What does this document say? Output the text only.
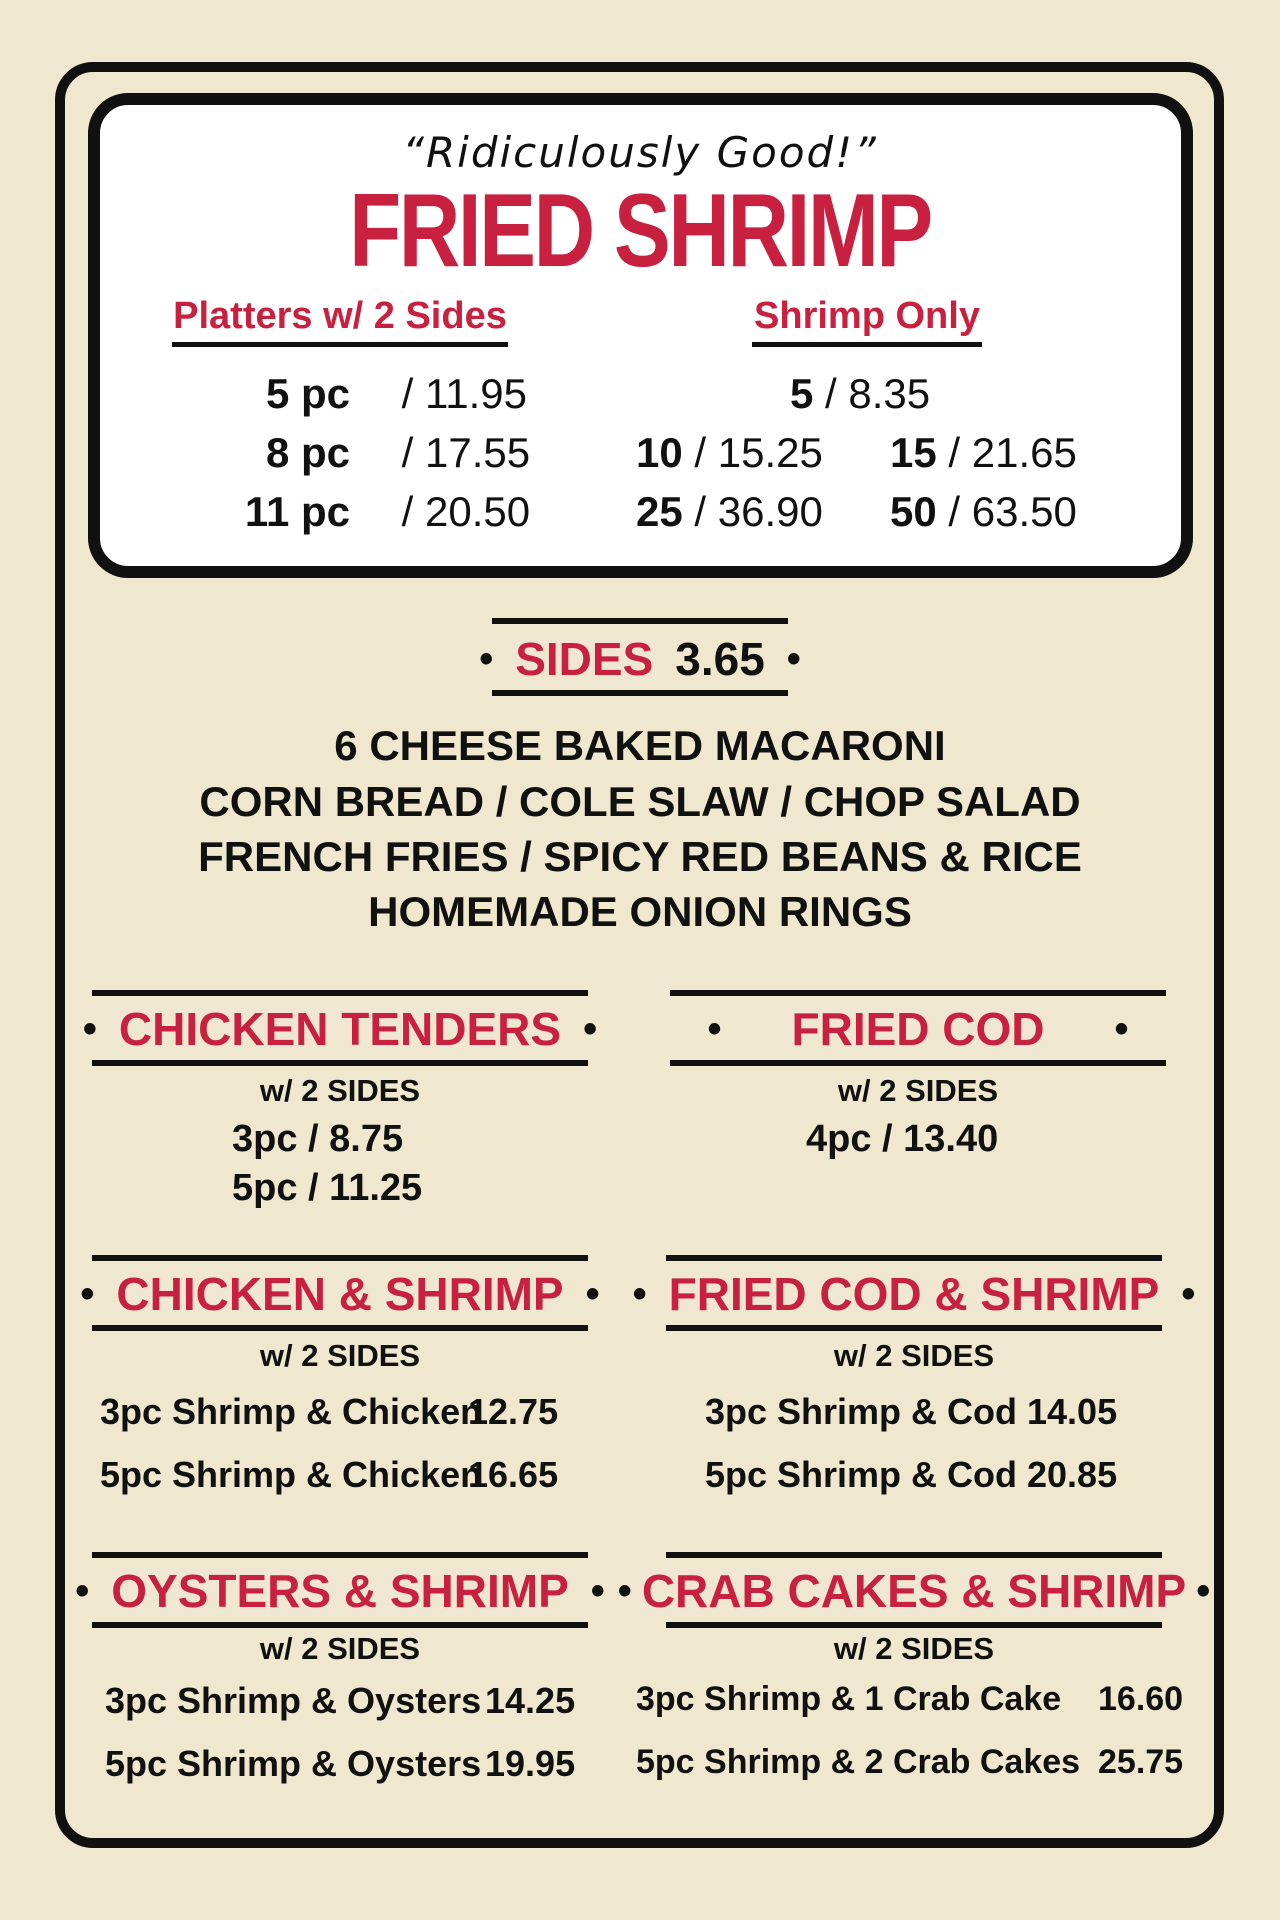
“Ridiculously Good!”
FRIED SHRIMP
Platters w/ 2 Sides
5 pc / 11.95
8 pc / 17.55
11 pc / 20.50
Shrimp Only
5 / 8.35
10 / 15.25 15 / 21.65
25 / 36.90 50 / 63.50
• SIDES 3.65 •
6 CHEESE BAKED MACARONI
CORN BREAD / COLE SLAW / CHOP SALAD
FRENCH FRIES / SPICY RED BEANS & RICE
HOMEMADE ONION RINGS
• CHICKEN TENDERS •
w/ 2 SIDES
3pc / 8.75
5pc / 11.25
• FRIED COD •
w/ 2 SIDES
4pc / 13.40
• CHICKEN & SHRIMP •
w/ 2 SIDES
3pc Shrimp & Chicken12.75
5pc Shrimp & Chicken16.65
• FRIED COD & SHRIMP •
w/ 2 SIDES
3pc Shrimp & Cod 14.05
5pc Shrimp & Cod 20.85
• OYSTERS & SHRIMP •
w/ 2 SIDES
3pc Shrimp & Oysters 14.25
5pc Shrimp & Oysters 19.95
• CRAB CAKES & SHRIMP •
w/ 2 SIDES
3pc Shrimp & 1 Crab Cake 16.60
5pc Shrimp & 2 Crab Cakes 25.75
